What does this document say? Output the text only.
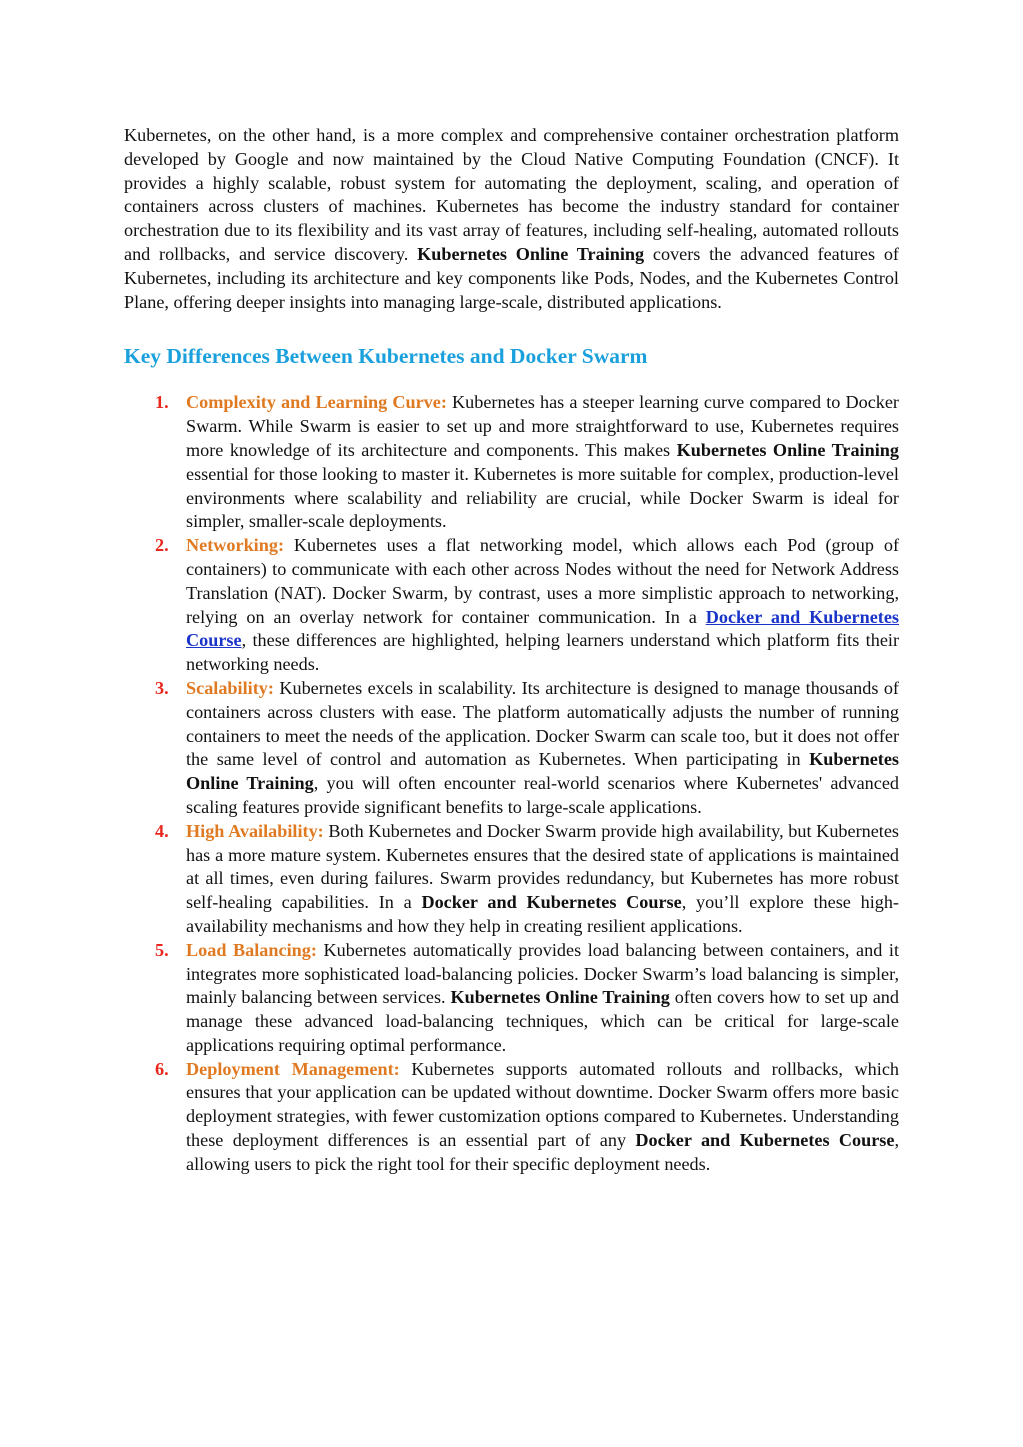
Kubernetes, on the other hand, is a more complex and comprehensive container orchestration platform developed by Google and now maintained by the Cloud Native Computing Foundation (CNCF). It provides a highly scalable, robust system for automating the deployment, scaling, and operation of containers across clusters of machines. Kubernetes has become the industry standard for container orchestration due to its flexibility and its vast array of features, including self-healing, automated rollouts and rollbacks, and service discovery. Kubernetes Online Training covers the advanced features of Kubernetes, including its architecture and key components like Pods, Nodes, and the Kubernetes Control Plane, offering deeper insights into managing large-scale, distributed applications.

Key Differences Between Kubernetes and Docker Swarm
1. Complexity and Learning Curve: Kubernetes has a steeper learning curve compared to Docker Swarm. While Swarm is easier to set up and more straightforward to use, Kubernetes requires more knowledge of its architecture and components. This makes Kubernetes Online Training essential for those looking to master it. Kubernetes is more suitable for complex, production-level environments where scalability and reliability are crucial, while Docker Swarm is ideal for simpler, smaller-scale deployments.
2. Networking: Kubernetes uses a flat networking model, which allows each Pod (group of containers) to communicate with each other across Nodes without the need for Network Address Translation (NAT). Docker Swarm, by contrast, uses a more simplistic approach to networking, relying on an overlay network for container communication. In a Docker and Kubernetes Course, these differences are highlighted, helping learners understand which platform fits their networking needs.
3. Scalability: Kubernetes excels in scalability. Its architecture is designed to manage thousands of containers across clusters with ease. The platform automatically adjusts the number of running containers to meet the needs of the application. Docker Swarm can scale too, but it does not offer the same level of control and automation as Kubernetes. When participating in Kubernetes Online Training, you will often encounter real-world scenarios where Kubernetes' advanced scaling features provide significant benefits to large-scale applications.
4. High Availability: Both Kubernetes and Docker Swarm provide high availability, but Kubernetes has a more mature system. Kubernetes ensures that the desired state of applications is maintained at all times, even during failures. Swarm provides redundancy, but Kubernetes has more robust self-healing capabilities. In a Docker and Kubernetes Course, you’ll explore these high-availability mechanisms and how they help in creating resilient applications.
5. Load Balancing: Kubernetes automatically provides load balancing between containers, and it integrates more sophisticated load-balancing policies. Docker Swarm’s load balancing is simpler, mainly balancing between services. Kubernetes Online Training often covers how to set up and manage these advanced load-balancing techniques, which can be critical for large-scale applications requiring optimal performance.
6. Deployment Management: Kubernetes supports automated rollouts and rollbacks, which ensures that your application can be updated without downtime. Docker Swarm offers more basic deployment strategies, with fewer customization options compared to Kubernetes. Understanding these deployment differences is an essential part of any Docker and Kubernetes Course, allowing users to pick the right tool for their specific deployment needs.
